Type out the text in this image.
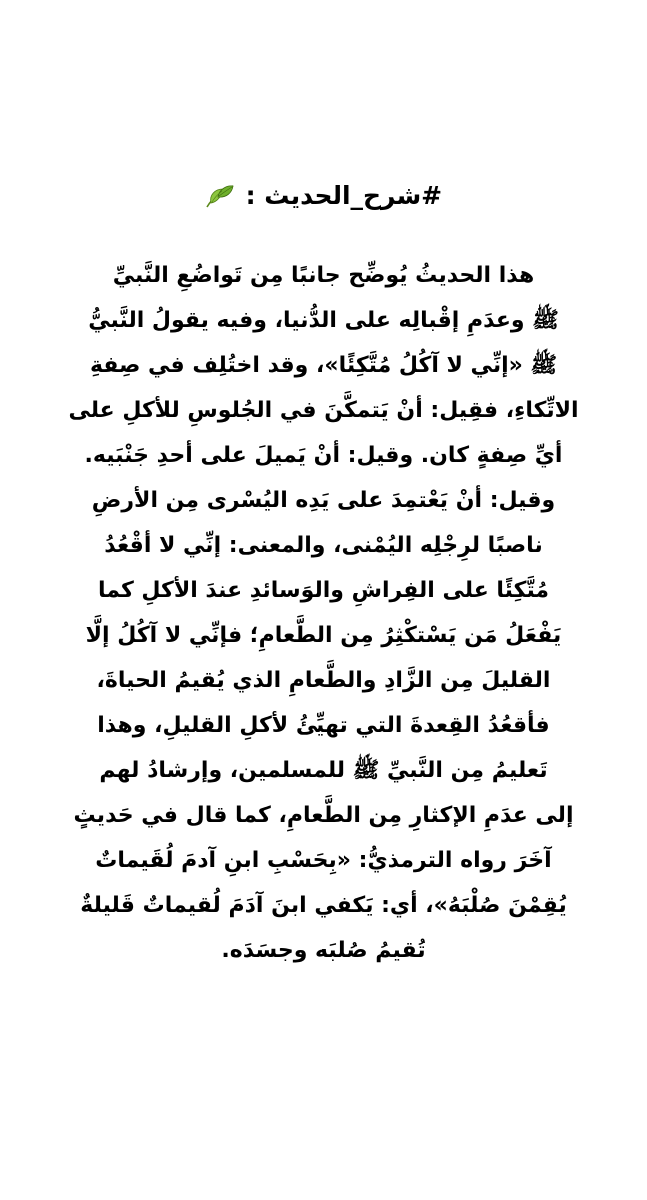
#شرح_الحديث :
هذا الحديثُ يُوضِّح جانبًا مِن تَواضُعِ النَّبيِّ
ﷺ وعدَمِ إقْبالِه على الدُّنيا، وفيه يقولُ النَّبيُّ
ﷺ «إنِّي لا آكُلُ مُتَّكِئًا»، وقد اختُلِف في صِفةِ
الاتِّكاءِ، فقِيل: أنْ يَتمكَّنَ في الجُلوسِ للأكلِ على
أيِّ صِفةٍ كان. وقيل: أنْ يَميلَ على أحدِ جَنْبَيه.
وقيل: أنْ يَعْتمِدَ على يَدِه اليُسْرى مِن الأرضِ
ناصبًا لرِجْلِه اليُمْنى، والمعنى: إنِّي لا أقْعُدُ
مُتَّكِئًا على الفِراشِ والوَسائدِ عندَ الأكلِ كما
يَفْعَلُ مَن يَسْتكْثِرُ مِن الطَّعامِ؛ فإنِّي لا آكُلُ إلَّا
القليلَ مِن الزَّادِ والطَّعامِ الذي يُقيمُ الحياةَ،
فأقعُدُ القِعدةَ التي تهيِّئُ لأكلِ القليلِ، وهذا
تَعليمُ مِن النَّبيِّ ﷺ للمسلمين، وإرشادُ لهم
إلى عدَمِ الإكثارِ مِن الطَّعامِ، كما قال في حَديثٍ
آخَرَ رواه الترمذيُّ: «بِحَسْبِ ابنِ آدمَ لُقَيماتٌ
يُقِمْنَ صُلْبَهُ»، أي: يَكفي ابنَ آدَمَ لُقيماتٌ قَليلةٌ
تُقيمُ صُلبَه وجسَدَه.
